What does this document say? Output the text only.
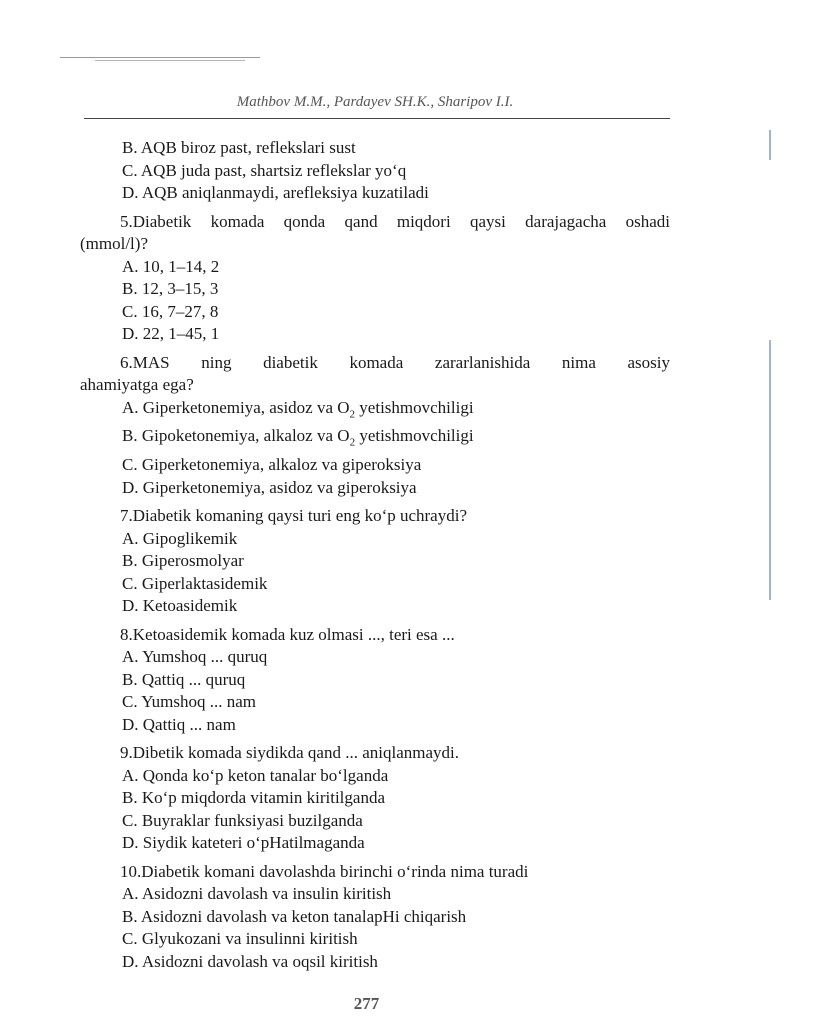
Mathbov M.M., Pardayev SH.K., Sharipov I.I.
B. AQB biroz past, reflekslari sust
C. AQB juda past, shartsiz reflekslar yo‘q
D. AQB aniqlanmaydi, arefleksiya kuzatiladi
5.Diabetik komada qonda qand miqdori qaysi darajagacha oshadi
(mmol/l)?
A. 10, 1–14, 2
B. 12, 3–15, 3
C. 16, 7–27, 8
D. 22, 1–45, 1
6.MAS ning diabetik komada zararlanishida nima asosiy
ahamiyatga ega?
A. Giperketonemiya, asidoz va $O_2$ yetishmovchiligi
B. Gipoketonemiya, alkaloz va $O_2$ yetishmovchiligi
C. Giperketonemiya, alkaloz va giperoksiya
D. Giperketonemiya, asidoz va giperoksiya
7.Diabetik komaning qaysi turi eng ko‘p uchraydi?
A. Gipoglikemik
B. Giperosmolyar
C. Giperlaktasidemik
D. Ketoasidemik
8.Ketoasidemik komada kuz olmasi ..., teri esa ...
A. Yumshoq ... quruq
B. Qattiq ... quruq
C. Yumshoq ... nam
D. Qattiq ... nam
9.Dibetik komada siydikda qand ... aniqlanmaydi.
A. Qonda ko‘p keton tanalar bo‘lganda
B. Ko‘p miqdorda vitamin kiritilganda
C. Buyraklar funksiyasi buzilganda
D. Siydik kateteri o‘pHatilmaganda
10.Diabetik komani davolashda birinchi o‘rinda nima turadi
A. Asidozni davolash va insulin kiritish
B. Asidozni davolash va keton tanalapHi chiqarish
C. Glyukozani va insulinni kiritish
D. Asidozni davolash va oqsil kiritish
277
